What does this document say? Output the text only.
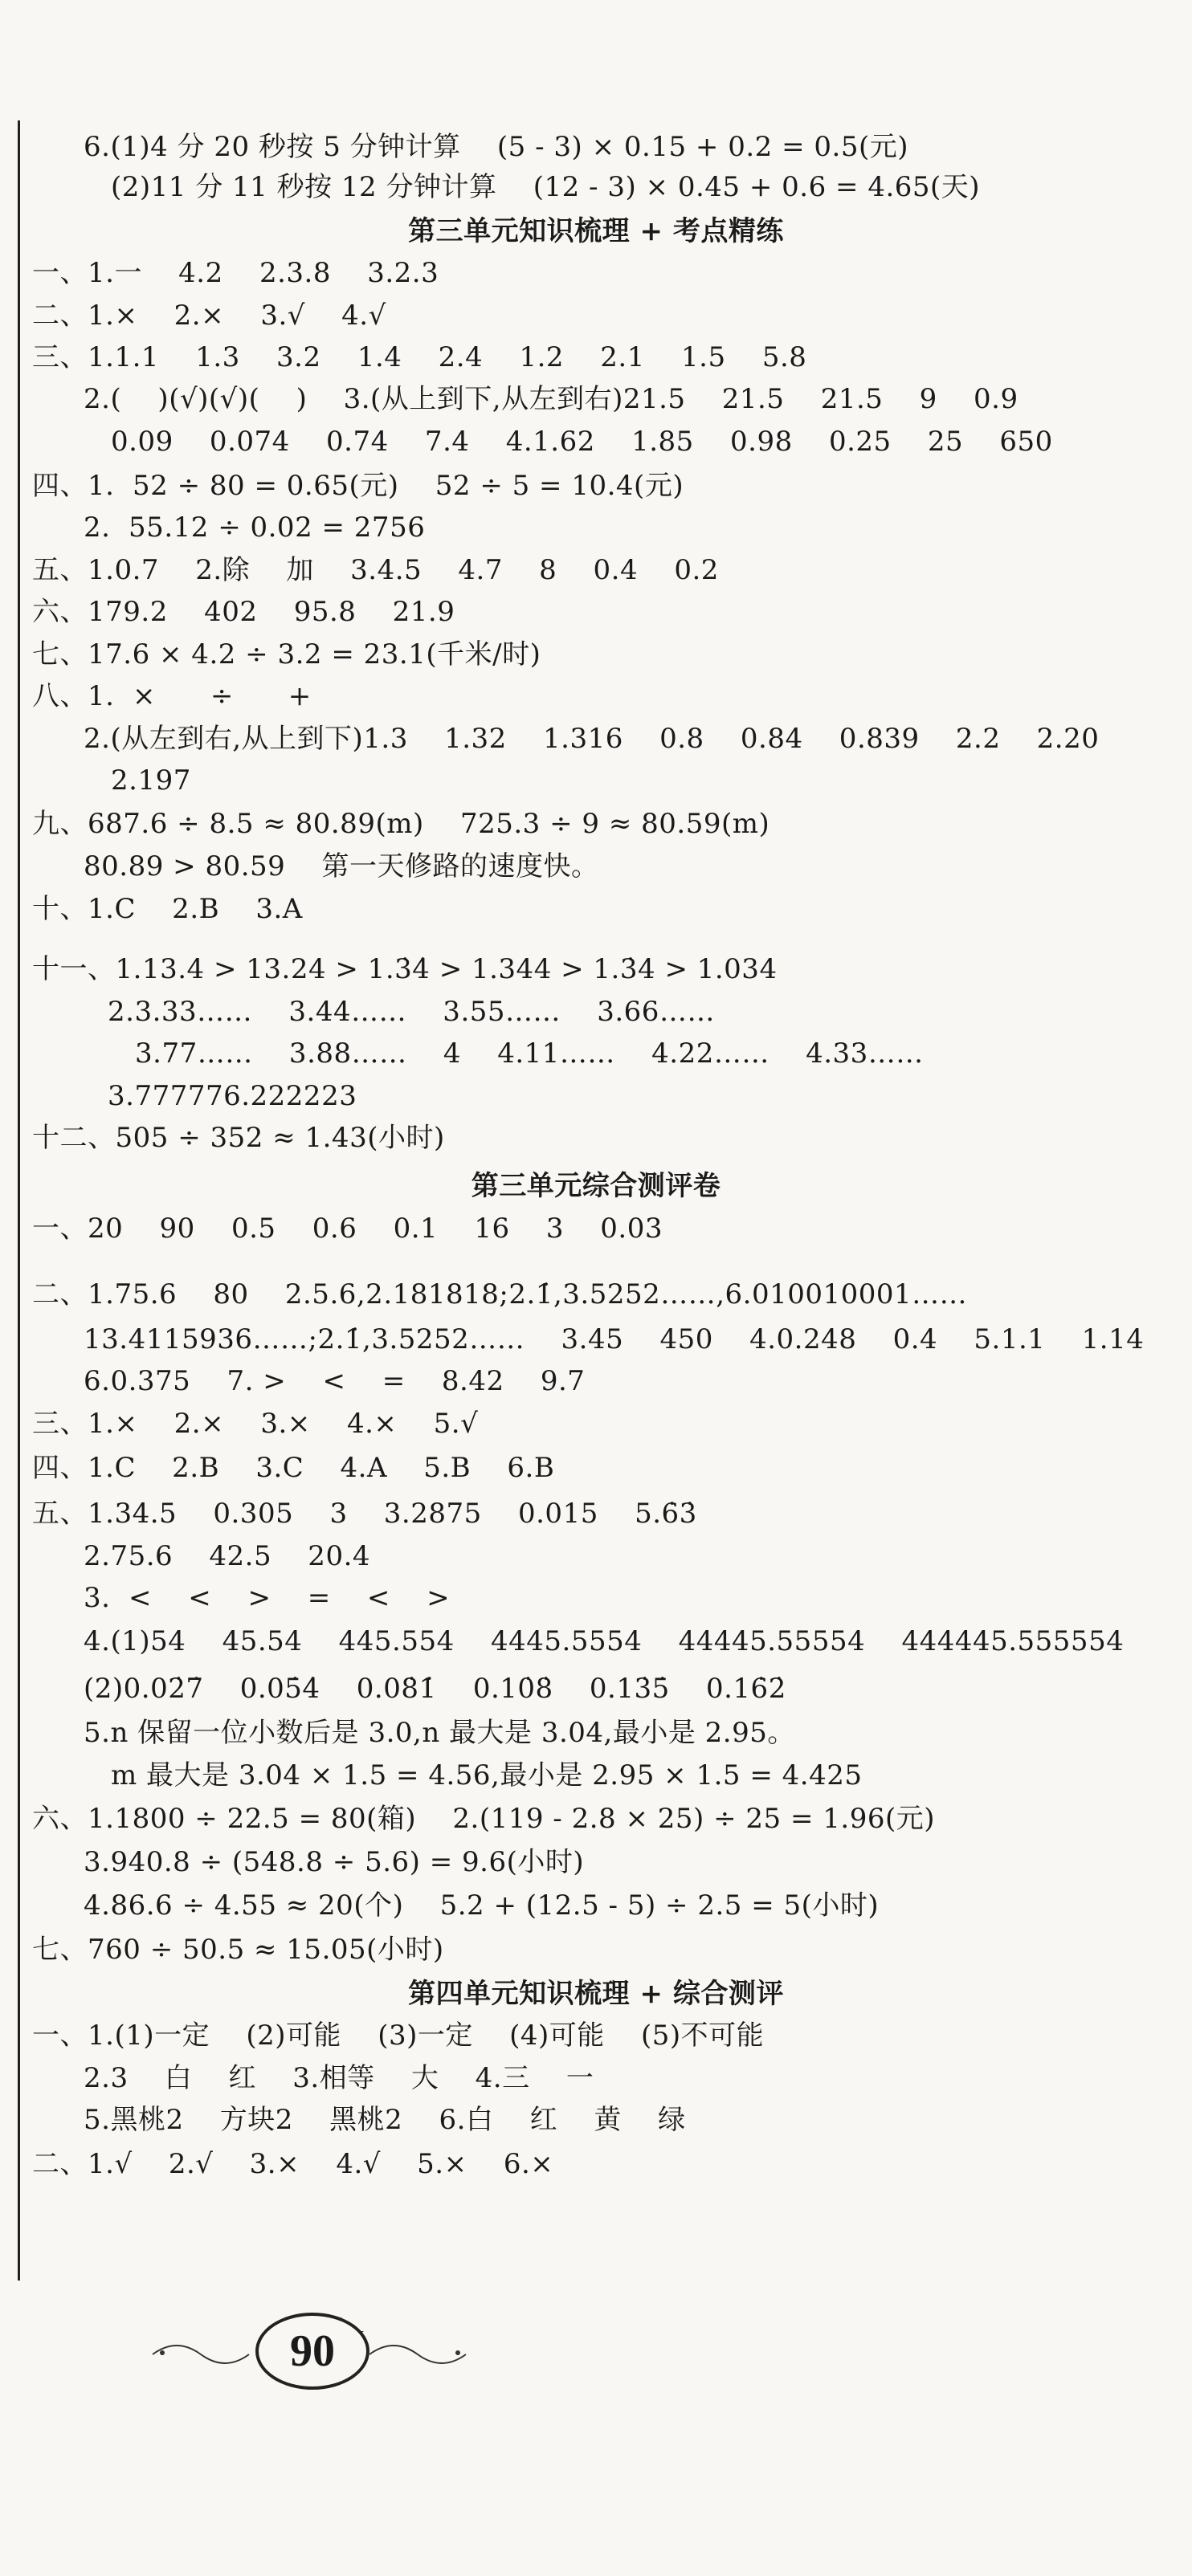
6.(1)4 分 20 秒按 5 分钟计算    (5 - 3) × 0.15 + 0.2 = 0.5(元)
(2)11 分 11 秒按 12 分钟计算    (12 - 3) × 0.45 + 0.6 = 4.65(天)
第三单元知识梳理 + 考点精练
一、1.一    4.2    2.3.8    3.2.3
二、1.×    2.×    3.√    4.√
三、1.1.1    1.3    3.2    1.4    2.4    1.2    2.1    1.5    5.8
2.(    )(√)(√)(    )    3.(从上到下,从左到右)21.5    21.5    21.5    9    0.9
0.09    0.074    0.74    7.4    4.1.62    1.85    0.98    0.25    25    650
四、1.  52 ÷ 80 = 0.65(元)    52 ÷ 5 = 10.4(元)
2.  55.12 ÷ 0.02 = 2756
五、1.0.7    2.除    加    3.4.5    4.7    8    0.4    0.2
六、179.2    402    95.8    21.9
七、17.6 × 4.2 ÷ 3.2 = 23.1(千米/时)
八、1.  ×      ÷      +
2.(从左到右,从上到下)1.3    1.32    1.316    0.8    0.84    0.839    2.2    2.20
2.197
九、687.6 ÷ 8.5 ≈ 80.89(m)    725.3 ÷ 9 ≈ 80.59(m)
80.89 > 80.59    第一天修路的速度快。
十、1.C    2.B    3.A
十一、1.13.4 > 13.24 > 1.3̇4̇ > 1.344 > 1.3̇4 > 1.034
2.3.33……    3.44……    3.55……    3.66……
3.77……    3.88……    4    4.11……    4.22……    4.33……
3.777776.222223
十二、505 ÷ 352 ≈ 1.43(小时)
第三单元综合测评卷
一、20    90    0.5    0.6    0.1    16    3    0.03
二、1.75.6    80    2.5.6,2.181818;2.1̇,3.5252……,6.010010001……
13.4115936……;2.1̇,3.5252……    3.45    450    4.0.248    0.4    5.1.1    1.14
6.0.375    7. >    <    =    8.42    9.7
三、1.×    2.×    3.×    4.×    5.√
四、1.C    2.B    3.C    4.A    5.B    6.B
五、1.34.5    0.305    3    3.2875    0.015    5.6̇3̇
2.75.6    42.5    20.4
3.  <    <    >    =    <    >
4.(1)54    45.54    445.554    4445.5554    44445.55554    444445.555554
(2)0.02̇7̇    0.05̇4̇    0.08̇1̇    0.10̇8̇    0.13̇5̇    0.16̇2̇
5.n 保留一位小数后是 3.0,n 最大是 3.04,最小是 2.95。
m 最大是 3.04 × 1.5 = 4.56,最小是 2.95 × 1.5 = 4.425
六、1.1800 ÷ 22.5 = 80(箱)    2.(119 - 2.8 × 25) ÷ 25 = 1.96(元)
3.940.8 ÷ (548.8 ÷ 5.6) = 9.6(小时)
4.86.6 ÷ 4.55 ≈ 20(个)    5.2 + (12.5 - 5) ÷ 2.5 = 5(小时)
七、760 ÷ 50.5 ≈ 15.05(小时)
第四单元知识梳理 + 综合测评
一、1.(1)一定    (2)可能    (3)一定    (4)可能    (5)不可能
2.3    白    红    3.相等    大    4.三    一
5.黑桃2    方块2    黑桃2    6.白    红    黄    绿
二、1.√    2.√    3.×    4.√    5.×    6.×
90
